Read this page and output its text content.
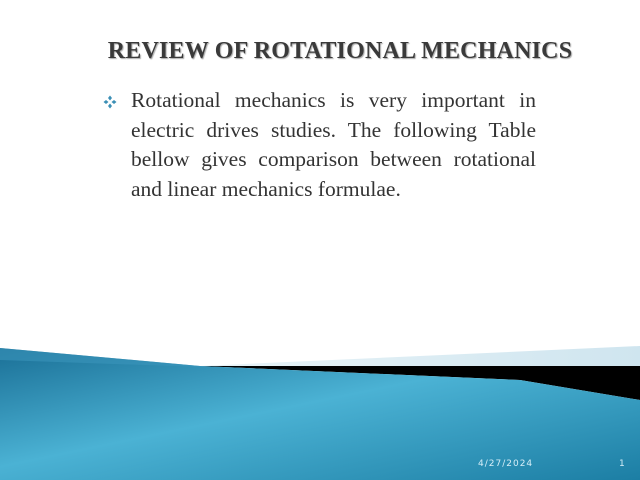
REVIEW OF ROTATIONAL MECHANICS
Rotational mechanics is very important in electric drives studies. The following Table bellow gives comparison between rotational and linear mechanics formulae.
4/27/2024	1
